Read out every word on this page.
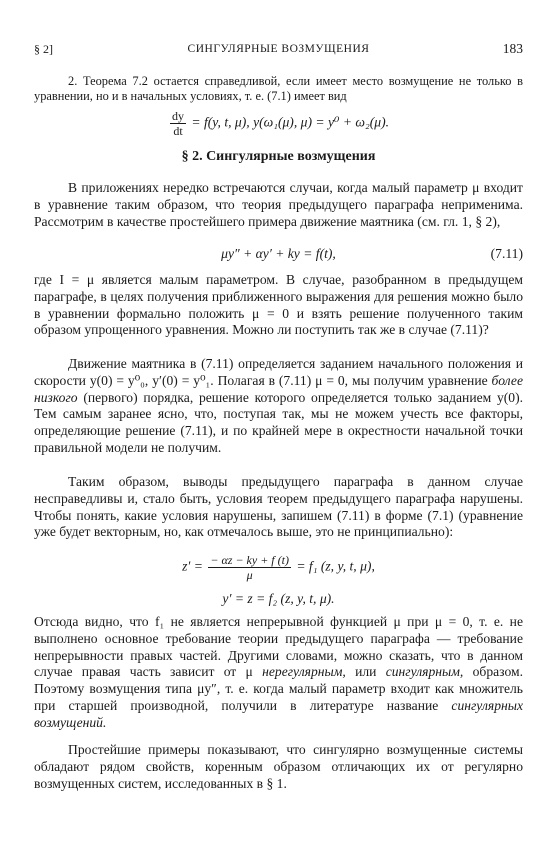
§ 2]	СИНГУЛЯРНЫЕ ВОЗМУЩЕНИЯ	183
2. Теорема 7.2 остается справедливой, если имеет место возмущение не только в уравнении, но и в начальных условиях, т. е. (7.1) имеет вид
$\frac{dy}{dt} = f(y$, t, μ), y(ω₁(μ), μ) = y⁰ + ω₂(μ).
§ 2. Сингулярные возмущения
В приложениях нередко встречаются случаи, когда малый параметр μ входит в уравнение таким образом, что теория предыдущего параграфа неприменима. Рассмотрим в качестве простейшего примера движение маятника (см. гл. 1, § 2),
μy″ + αy′ + ky = f(t),	(7.11)
где I = μ является малым параметром. В случае, разобранном в предыдущем параграфе, в целях получения приближенного выражения для решения можно было в уравнении формально положить μ = 0 и взять решение полученного таким образом упрощенного уравнения. Можно ли поступить так же в случае (7.11)?
Движение маятника в (7.11) определяется заданием начального положения и скорости y(0) = y⁰₀, y′(0) = y⁰₁. Полагая в (7.11) μ = 0, мы получим уравнение более низкого (первого) порядка, решение которого определяется только заданием y(0). Тем самым заранее ясно, что, поступая так, мы не можем учесть все факторы, определяющие решение (7.11), и по крайней мере в окрестности начальной точки правильной модели не получим.
Таким образом, выводы предыдущего параграфа в данном случае несправедливы и, стало быть, условия теорем предыдущего параграфа нарушены. Чтобы понять, какие условия нарушены, запишем (7.11) в форме (7.1) (уравнение уже будет векторным, но, как отмечалось выше, это не принципиально):
$z' = \frac{- \alpha z - ky + f (t)}{\mu} = f_1$ (z, y, t, μ),
y′ = z = f₂ (z, y, t, μ).
Отсюда видно, что f₁ не является непрерывной функцией μ при μ = 0, т. е. не выполнено основное требование теории предыдущего параграфа — требование непрерывности правых частей. Другими словами, можно сказать, что в данном случае правая часть зависит от μ нерегулярным, или сингулярным, образом. Поэтому возмущения типа μy″, т. е. когда малый параметр входит как множитель при старшей производной, получили в литературе название сингулярных возмущений.
Простейшие примеры показывают, что сингулярно возмущенные системы обладают рядом свойств, коренным образом отличающих их от регулярно возмущенных систем, исследованных в § 1.
